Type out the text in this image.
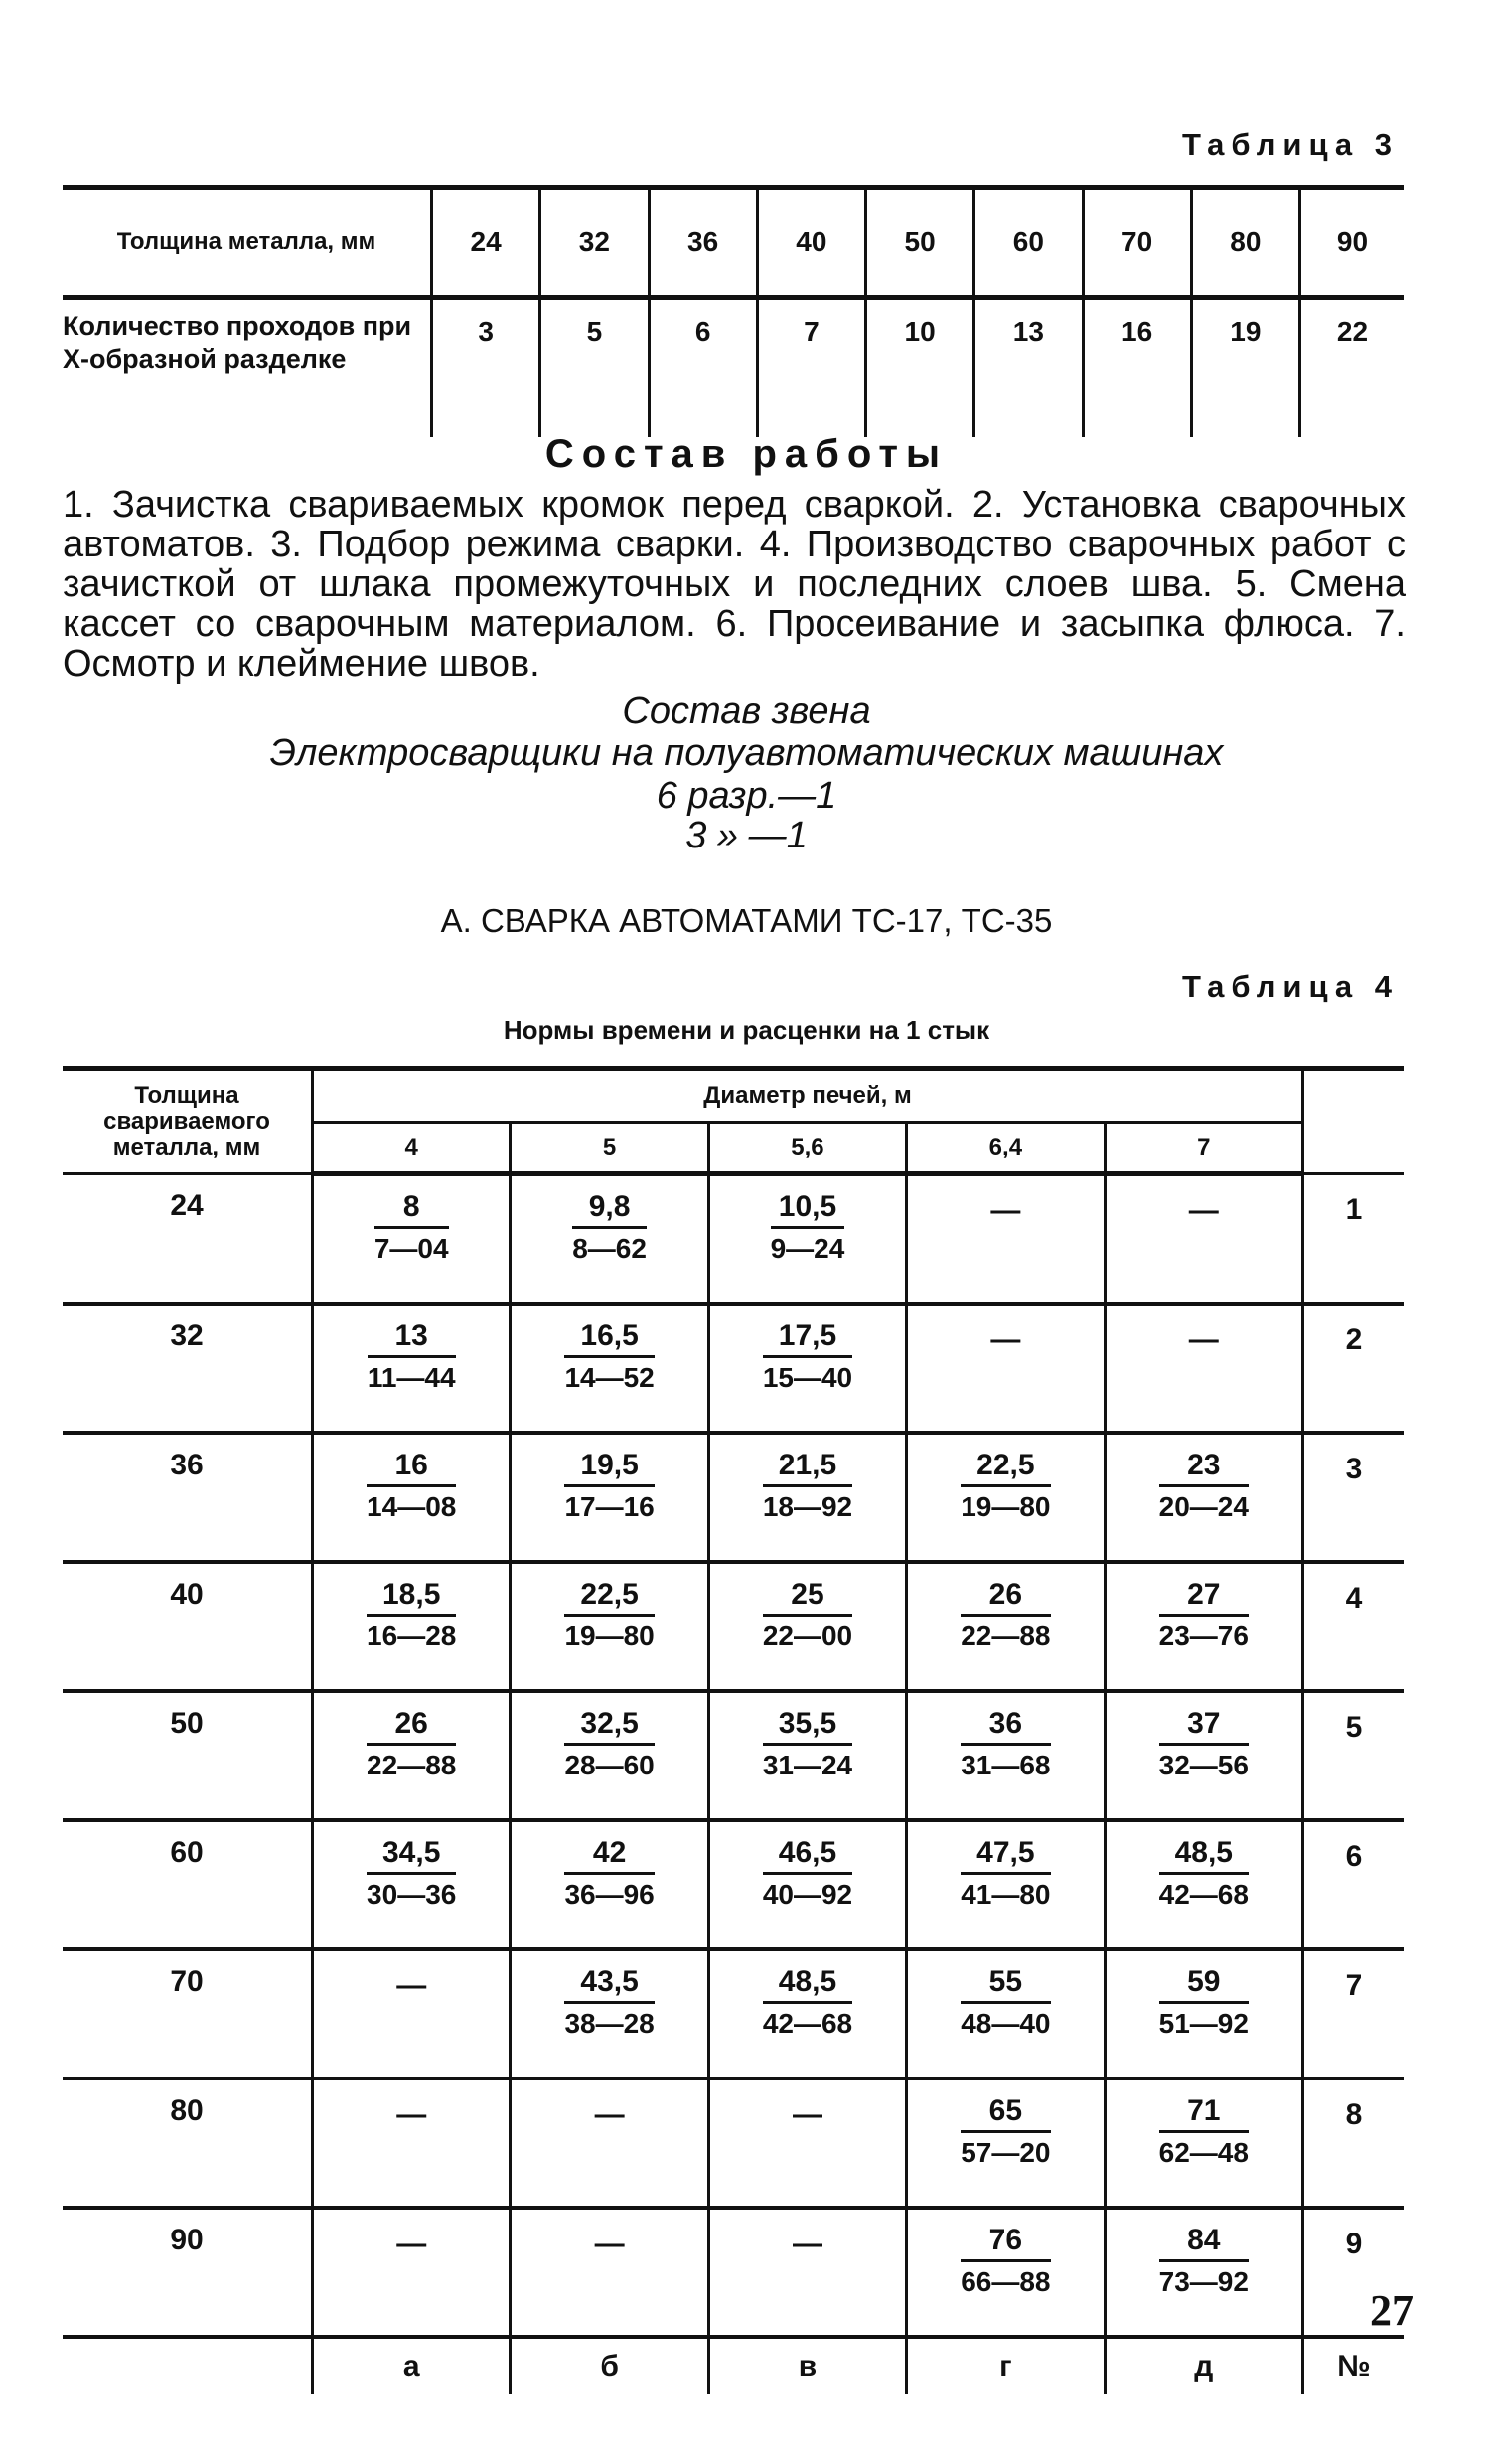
Таблица 3
Толщина металла, мм	24	32	36	40	50	60	70	80	90
Количество проходов при X-образной разделке	3	5	6	7	10	13	16	19	22
Состав работы
1. Зачистка свариваемых кромок перед сваркой. 2. Установка сварочных автоматов. 3. Подбор режима сварки. 4. Производство сварочных работ с зачисткой от шлака промежуточных и последних слоев шва. 5. Смена кассет со сварочным материалом. 6. Просеивание и засыпка флюса. 7. Осмотр и клеймение швов.
Состав звена
Электросварщики на полуавтоматических машинах
6 разр.—1
3 » —1
А. СВАРКА АВТОМАТАМИ ТС-17, ТС-35
Таблица 4
Нормы времени и расценки на 1 стык
Толщина свариваемого металла, мм	Диаметр печей, м					
	4	5	5,6	6,4	7	
24	$\frac{8}{7—04}$	$\frac{9,8}{8—62}$	$\frac{10,5}{9—24}$	—	—	1
32	$\frac{13}{11—44}$	$\frac{16,5}{14—52}$	$\frac{17,5}{15—40}$	—	—	2
36	$\frac{16}{14—08}$	$\frac{19,5}{17—16}$	$\frac{21,5}{18—92}$	$\frac{22,5}{19—80}$	$\frac{23}{20—24}$	3
40	$\frac{18,5}{16—28}$	$\frac{22,5}{19—80}$	$\frac{25}{22—00}$	$\frac{26}{22—88}$	$\frac{27}{23—76}$	4
50	$\frac{26}{22—88}$	$\frac{32,5}{28—60}$	$\frac{35,5}{31—24}$	$\frac{36}{31—68}$	$\frac{37}{32—56}$	5
60	$\frac{34,5}{30—36}$	$\frac{42}{36—96}$	$\frac{46,5}{40—92}$	$\frac{47,5}{41—80}$	$\frac{48,5}{42—68}$	6
70	—	$\frac{43,5}{38—28}$	$\frac{48,5}{42—68}$	$\frac{55}{48—40}$	$\frac{59}{51—92}$	7
80	—	—	—	$\frac{65}{57—20}$	$\frac{71}{62—48}$	8
90	—	—	—	$\frac{76}{66—88}$	$\frac{84}{73—92}$	9
	а	б	в	г	д	№
27
